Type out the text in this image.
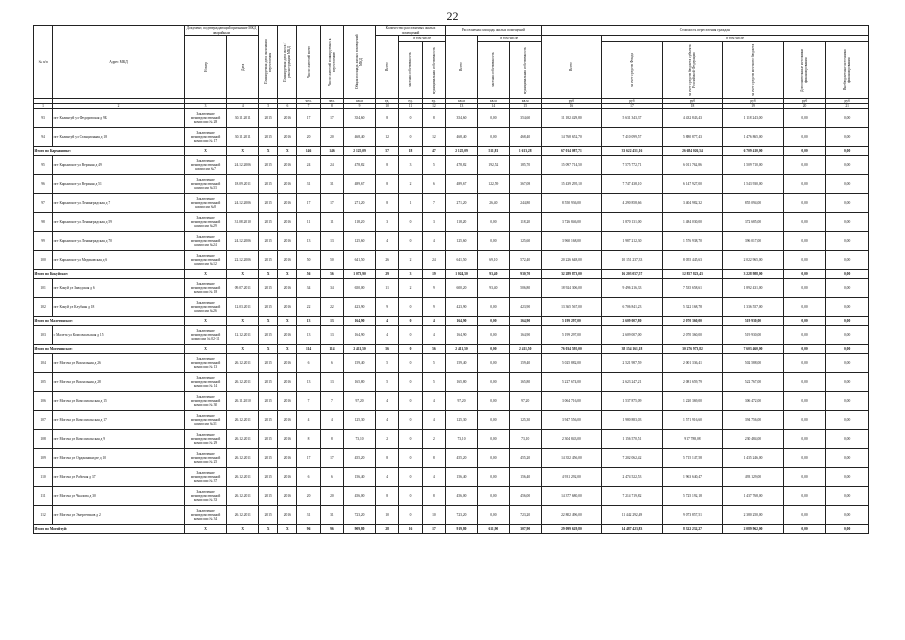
22
№ п/п	Адрес МКД	Документ, подтверждающий признание МКД аварийным		Планируемая дата окончания переселения	Планируемая дата сноса / реконструкции МКД	Число жителей всего	Число жителей планируемых к переселению	Общая площадь жилых помещений МКД	Количество расселяемых жилых помещений			Расселяемая площадь жилых помещений			Стоимость переселения граждан					

		Номер	Дата						Всего	в том числе		Всего	в том числе		Всего	в том числе				

										частная собственность	муниципальная собственность		частная собственность	муниципальная собственность		за счет средств Фонда	за счет средств бюджета субъекта Российской Федерации	за счет средств местного бюджета	Дополнительные источники финансирования	Внебюджетные источники финансирования

						чел.	чел.	кв.м	ед.	ед.	ед.	кв.м	кв.м	кв.м	руб	руб	руб	руб	руб	руб
1	2	3	4	5	6	7	8	9	10	11	12	13	14	15	16	17	18	19	20	21
93	пгт Калинтуй ул Федоровская д 9Б	Заключение межведомственной комиссии № 28	30.11.2011	2015	2016	17	17	354,60	8	0	8	354,60	0,00	354,60	11 182 429,80	5 631 343,37	4 432 843,43	1 118 243,00	0,00	0,00
94	пгт Калинтуй ул Станционная д 18	Заключение межведомственной комиссии № 17	30.11.2011	2015	2016	20	20	468,40	12	0	12	468,40	0,00	468,40	14 768 652,70	7 410 099,57	5 880 877,43	1 476 865,00	0,00	0,00
Итого по Кармановке:		X	X	X	X	146	146	2 125,09	57	18	47	2 125,09	511,81	1 613,28	67 014 087,71	33 622 451,16	26 684 026,54	6 709 410,00	0,00	0,00
95	пгт Карымское ул Верхняя д 49	Заключение межведомственной комиссии №7	24.12.2006	2015	2016	24	24	478,82	8	3	5	478,82	192,52	185,70	15 097 714,50	7 575 772,71	6 011 762,86	1 509 710,00	0,00	0,00
96	пгт Карымское ул Верхняя д 51	Заключение межведомственной комиссии №33	18.09.2011	2015	2016	31	31	489,67	8	2	6	489,67	122,59	367,08	15 439 295,10	7 747 438,10	6 147 927,00	1 543 930,00	0,00	0,00
97	пгт Карымское ул Ленинградская д 7	Заключение межведомственной комиссии №8	24.12.2006	2015	2016	17	17	271,20	8	1	7	271,20	26,40	244,80	8 550 936,00	4 290 858,66	3 404 982,32	855 094,00	0,00	0,00
98	пгт Карымское ул Ленинградская д 59	Заключение межведомственной комиссии №29	31.08.2010	2015	2016	11	11	118,20	3	0	3	118,20	0,00	118,20	3 726 846,00	1 870 131,00	1 484 030,00	372 685,00	0,00	0,00
99	пгт Карымское ул Ленинградская д 70	Заключение межведомственной комиссии №24	24.12.2006	2015	2016	13	13	125,60	4	0	4	125,60	0,00	125,60	3 960 168,00	1 987 212,30	1 576 938,70	396 017,00	0,00	0,00
100	пгт Карымское ул Медиковская д 6	Заключение межведомственной комиссии №12	22.12.2006	2015	2016	50	50	641,50	26	2	24	641,50	69,10	572,40	20 226 648,00	10 151 237,33	8 055 445,63	2 022 965,00	0,00	0,00
Итого по Кокуйское:		X	X	X	X	56	56	1 073,90	29	3	19	1 024,50	93,40	930,70	32 289 873,00	16 203 057,57	12 857 823,43	3 228 988,00	0,00	0,00
101	пгт Кокуй ул Заводская д 6	Заключение межведомственной комиссии № 18	09.07.2011	2015	2016	34	34	650,00	11	2	9	600,20	93,40	506,80	18 924 306,00	9 496 216,33	7 535 658,61	1 892 431,00	0,00	0,00
102	пгт Кокуй ул Клубная д 18	Заключение межведомственной комиссии №26	12.03.2011	2015	2016	22	22	423,90	9	0	9	423,90	0,00	423,90	13 365 567,00	6 706 841,23	5 322 168,78	1 336 557,00	0,00	0,00
Итого по Малетинское:		X	X	X	X	13	13	164,90	4	0	4	164,90	0,00	164,90	5 199 297,00	2 609 007,80	2 070 360,00	519 930,00	0,00	0,00
103	с Малета ул Комсомольская д 15	Заключение межведомственной комиссии № 02-11	12.12.2011	2015	2016	13	13	164,90	4	0	4	164,90	0,00	164,90	5 199 297,00	2 609 007,00	2 070 360,00	519 930,00	0,00	0,00
Итого по Могочинское:		X	X	X	X	114	114	2 411,50	56	0	56	2 411,50	0,00	2 411,50	76 034 595,00	38 154 161,18	30 276 973,82	7 603 460,00	0,00	0,00
104	пгт Могоча ул Вокзальная д 26	Заключение межведомственной комиссии № 13	26.12.2011	2015	2016	6	6	159,40	5	0	5	159,40	0,00	159,40	5 025 882,00	2 521 987,59	2 001 336,41	502 588,00	0,00	0,00
105	пгт Могоча ул Вокзальная д 28	Заключение межведомственной комиссии № 14	26.12.2011	2015	2016	13	13	165,80	5	0	5	165,80	0,00	165,80	5 227 674,00	2 623 247,21	2 081 659,79	522 767,00	0,00	0,00
106	пгт Могоча ул Комсомольская д 15	Заключение межведомственной комиссии № 30	26.11.2010	2015	2016	7	7	97,20	4	0	4	97,20	0,00	97,20	3 064 716,00	1 537 875,09	1 220 369,00	306 472,00	0,00	0,00
107	пгт Могоча ул Комсомольская д 17	Заключение межведомственной комиссии №31	26.12.2011	2015	2016	4	4	125,30	4	0	4	125,30	0,00	125,30	3 947 556,00	1 980 883,03	1 571 916,60	394 756,00	0,00	0,00
108	пгт Могоча ул Комсомольская д 9	Заключение межведомственной комиссии № 29	26.12.2011	2015	2016	8	8	73,10	2	0	2	73,10	0,00	73,10	2 304 843,00	1 156 570,51	917 788,08	230 484,00	0,00	0,00
109	пгт Могоча ул Орджоникидзе д 10	Заключение межведомственной комиссии № 25	26.12.2011	2015	2016	17	17	455,20	8	0	8	455,20	0,00	455,20	14 352 456,00	7 202 062,42	5 715 147,58	1 435 246,00	0,00	0,00
110	пгт Могоча ул Рабочая д 37	Заключение межведомственной комиссии № 37	26.12.2011	2015	2016	6	6	156,40	4	0	4	156,40	0,00	156,40	4 931 292,00	2 474 522,53	1 963 640,47	493 129,00	0,00	0,00
111	пгт Могоча ул Чкалова д 30	Заключение межведомственной комиссии № 33	26.12.2011	2015	2016	20	20	456,00	8	0	8	456,00	0,00	456,00	14 377 680,00	7 214 719,82	5 725 192,18	1 437 768,00	0,00	0,00
112	пгт Могоча ул Энергетиков д 2	Заключение межведомственной комиссии № 34	26.12.2011	2015	2016	31	31	723,20	10	0	10	723,20	0,00	723,20	22 802 496,00	11 442 292,49	9 073 857,51	2 380 250,00	0,00	0,00
Итого по Могойтуй:		X	X	X	X	96	96	909,80	28	16	17	919,80	611,90	307,90	29 099 629,80	14 487 423,83	8 322 232,27	2 089 962,00	0,00	0,00
